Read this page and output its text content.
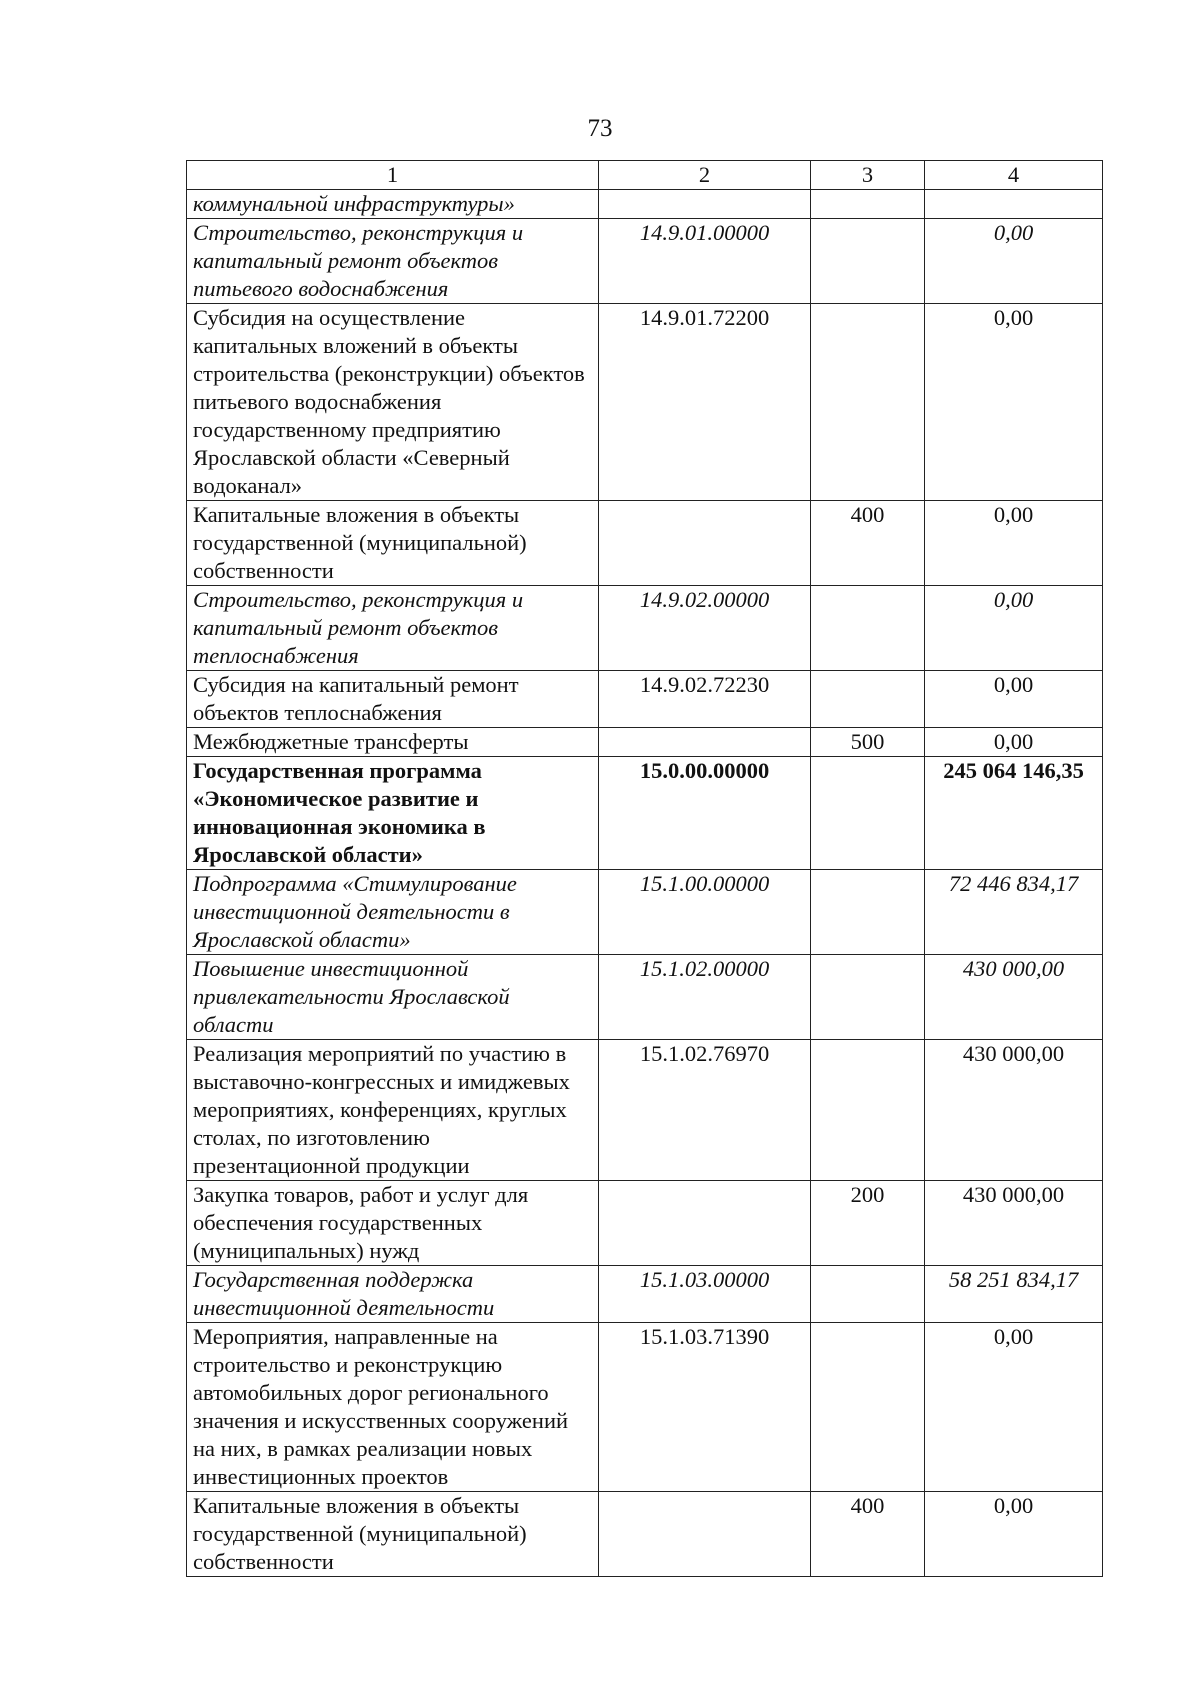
73
1	2	3	4
коммунальной инфраструктуры»			
Строительство, реконструкция и капитальный ремонт объектов питьевого водоснабжения	14.9.01.00000		0,00
Субсидия на осуществление капитальных вложений в объекты строительства (реконструкции) объектов питьевого водоснабжения государственному предприятию Ярославской области «Северный водоканал»	14.9.01.72200		0,00
Капитальные вложения в объекты государственной (муниципальной) собственности		400	0,00
Строительство, реконструкция и капитальный ремонт объектов теплоснабжения	14.9.02.00000		0,00
Субсидия на капитальный ремонт объектов теплоснабжения	14.9.02.72230		0,00
Межбюджетные трансферты		500	0,00
Государственная программа «Экономическое развитие и инновационная экономика в Ярославской области»	15.0.00.00000		245 064 146,35
Подпрограмма «Стимулирование инвестиционной деятельности в Ярославской области»	15.1.00.00000		72 446 834,17
Повышение инвестиционной привлекательности Ярославской области	15.1.02.00000		430 000,00
Реализация мероприятий по участию в выставочно-конгрессных и имиджевых мероприятиях, конференциях, круглых столах, по изготовлению презентационной продукции	15.1.02.76970		430 000,00
Закупка товаров, работ и услуг для обеспечения государственных (муниципальных) нужд		200	430 000,00
Государственная поддержка инвестиционной деятельности	15.1.03.00000		58 251 834,17
Мероприятия, направленные на строительство и реконструкцию автомобильных дорог регионального значения и искусственных сооружений на них, в рамках реализации новых инвестиционных проектов	15.1.03.71390		0,00
Капитальные вложения в объекты государственной (муниципальной) собственности		400	0,00
